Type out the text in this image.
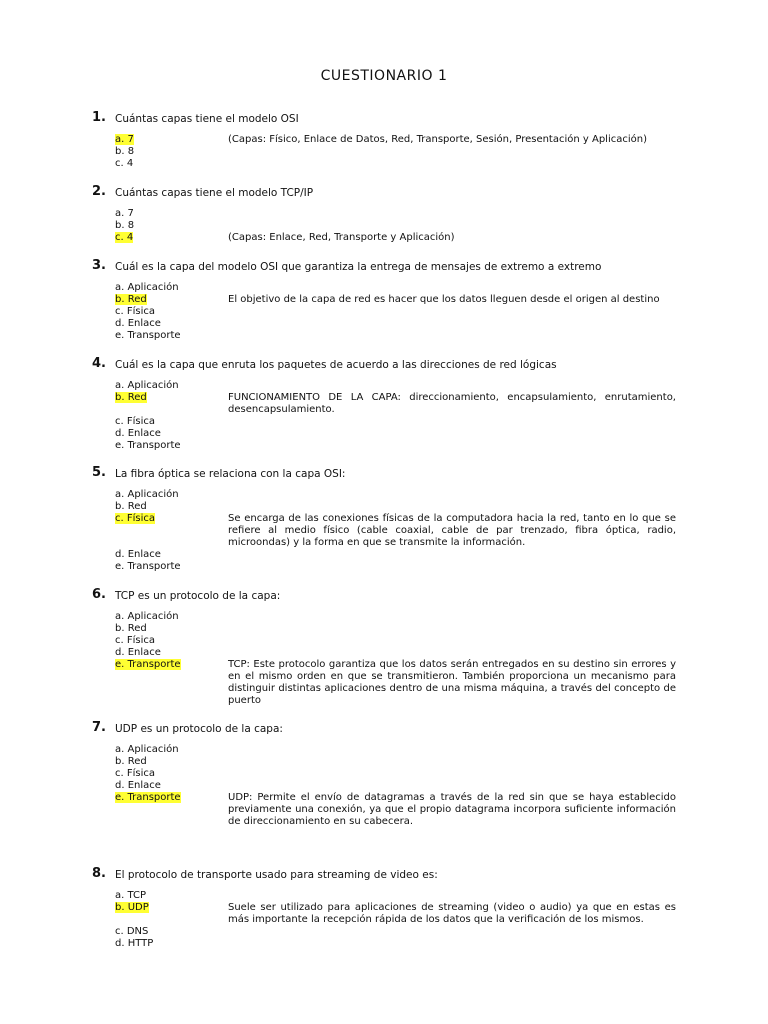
CUESTIONARIO 1
1. Cuántas capas tiene el modelo OSI
a. 7	(Capas: Físico, Enlace de Datos, Red, Transporte, Sesión, Presentación y Aplicación)
b. 8
c. 4
2. Cuántas capas tiene el modelo TCP/IP
a. 7
b. 8
c. 4	(Capas: Enlace, Red, Transporte y Aplicación)
3. Cuál es la capa del modelo OSI que garantiza la entrega de mensajes de extremo a extremo
a. Aplicación
b. Red	El objetivo de la capa de red es hacer que los datos lleguen desde el origen al destino
c. Física
d. Enlace
e. Transporte
4. Cuál es la capa que enruta los paquetes de acuerdo a las direcciones de red lógicas
a. Aplicación
b. Red	FUNCIONAMIENTO DE LA CAPA: direccionamiento, encapsulamiento, enrutamiento, desencapsulamiento.
c. Física
d. Enlace
e. Transporte
5. La fibra óptica se relaciona con la capa OSI:
a. Aplicación
b. Red
c. Física	Se encarga de las conexiones físicas de la computadora hacia la red, tanto en lo que se refiere al medio físico (cable coaxial, cable de par trenzado, fibra óptica, radio, microondas) y la forma en que se transmite la información.
d. Enlace
e. Transporte
6. TCP es un protocolo de la capa:
a. Aplicación
b. Red
c. Física
d. Enlace
e. Transporte	TCP: Este protocolo garantiza que los datos serán entregados en su destino sin errores y en el mismo orden en que se transmitieron. También proporciona un mecanismo para distinguir distintas aplicaciones dentro de una misma máquina, a través del concepto de puerto
7. UDP es un protocolo de la capa:
a. Aplicación
b. Red
c. Física
d. Enlace
e. Transporte	UDP: Permite el envío de datagramas a través de la red sin que se haya establecido previamente una conexión, ya que el propio datagrama incorpora suficiente información de direccionamiento en su cabecera.
8. El protocolo de transporte usado para streaming de video es:
a. TCP
b. UDP	Suele ser utilizado para aplicaciones de streaming (video o audio) ya que en estas es más importante la recepción rápida de los datos que la verificación de los mismos.
c. DNS
d. HTTP
